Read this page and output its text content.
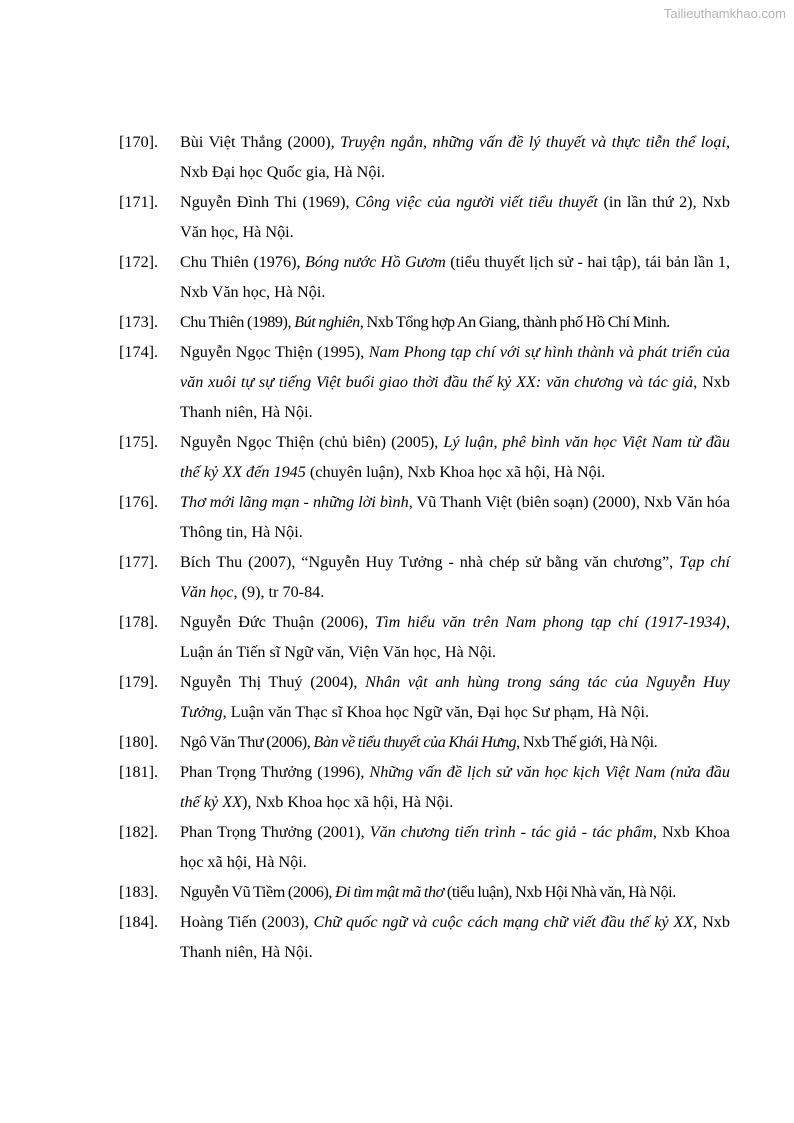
Tailieuthamkhao.com
[170].	Bùi Việt Thắng (2000), Truyện ngắn, những vấn đề lý thuyết và thực tiễn thể loại, Nxb Đại học Quốc gia, Hà Nội.
[171].	Nguyễn Đình Thi (1969), Công việc của người viết tiểu thuyết (in lần thứ 2), Nxb Văn học, Hà Nội.
[172].	Chu Thiên (1976), Bóng nước Hồ Gươm (tiểu thuyết lịch sử - hai tập), tái bản lần 1, Nxb Văn học, Hà Nội.
[173].	Chu Thiên (1989), Bút nghiên, Nxb Tổng hợp An Giang, thành phố Hồ Chí Minh.
[174].	Nguyễn Ngọc Thiện (1995), Nam Phong tạp chí với sự hình thành và phát triển của văn xuôi tự sự tiếng Việt buổi giao thời đầu thế kỷ XX: văn chương và tác giả, Nxb Thanh niên, Hà Nội.
[175].	Nguyễn Ngọc Thiện (chủ biên) (2005), Lý luận, phê bình văn học Việt Nam từ đầu thế kỷ XX đến 1945 (chuyên luận), Nxb Khoa học xã hội, Hà Nội.
[176].	Thơ mới lãng mạn - những lời bình, Vũ Thanh Việt (biên soạn) (2000), Nxb Văn hóa Thông tin, Hà Nội.
[177].	Bích Thu (2007), “Nguyễn Huy Tưởng - nhà chép sử bằng văn chương”, Tạp chí Văn học, (9), tr 70-84.
[178].	Nguyễn Đức Thuận (2006), Tìm hiểu văn trên Nam phong tạp chí (1917-1934), Luận án Tiến sĩ Ngữ văn, Viện Văn học, Hà Nội.
[179].	Nguyễn Thị Thuý (2004), Nhân vật anh hùng trong sáng tác của Nguyễn Huy Tưởng, Luận văn Thạc sĩ Khoa học Ngữ văn, Đại học Sư phạm, Hà Nội.
[180].	Ngô Văn Thư (2006), Bàn về tiểu thuyết của Khái Hưng, Nxb Thế giới, Hà Nội.
[181].	Phan Trọng Thưởng (1996), Những vấn đề lịch sử văn học kịch Việt Nam (nửa đầu thế kỷ XX), Nxb Khoa học xã hội, Hà Nội.
[182].	Phan Trọng Thưởng (2001), Văn chương tiến trình - tác giả - tác phẩm, Nxb Khoa học xã hội, Hà Nội.
[183].	Nguyễn Vũ Tiềm (2006), Đi tìm mật mã thơ (tiểu luận), Nxb Hội Nhà văn, Hà Nội.
[184].	Hoàng Tiến (2003), Chữ quốc ngữ và cuộc cách mạng chữ viết đầu thế kỷ XX, Nxb Thanh niên, Hà Nội.
